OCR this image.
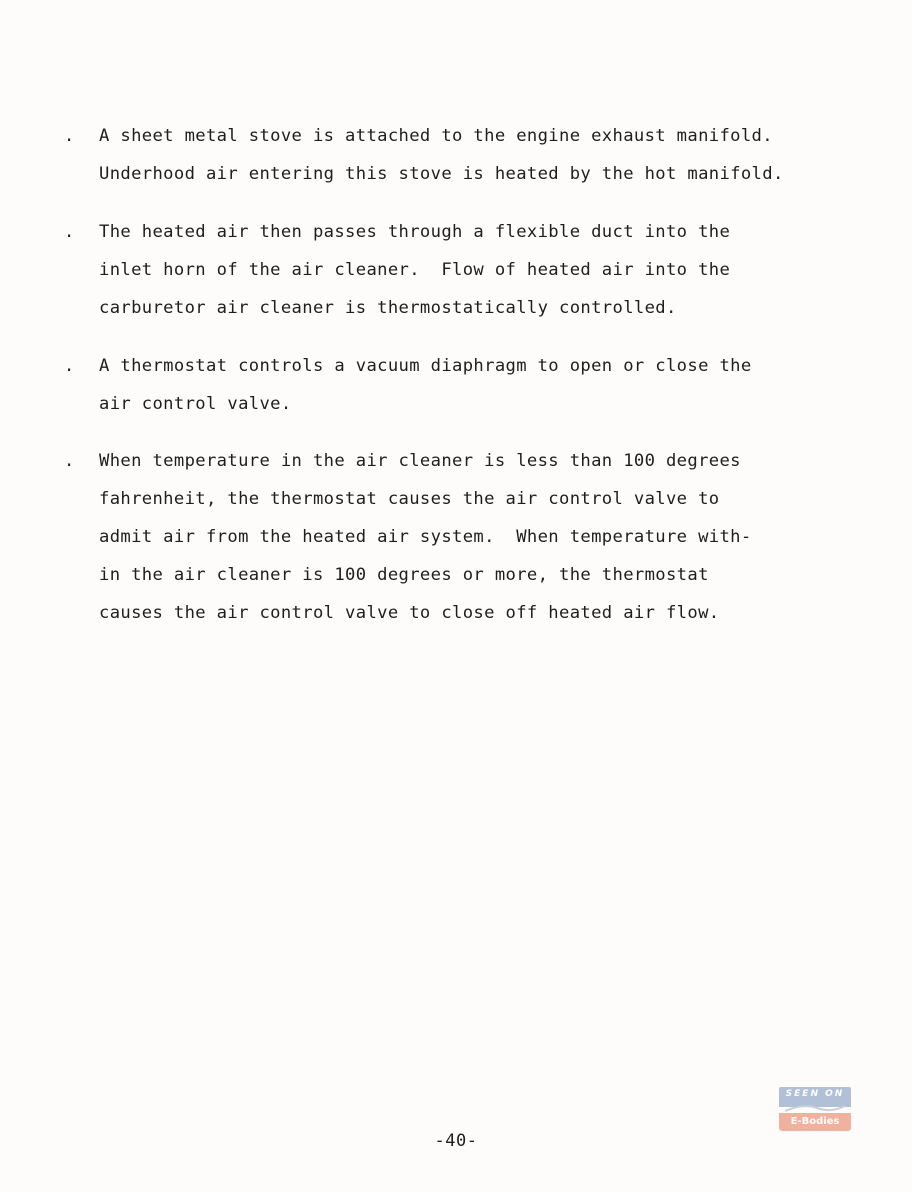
.	A sheet metal stove is attached to the engine exhaust manifold.
Underhood air entering this stove is heated by the hot manifold.
.	The heated air then passes through a flexible duct into the
inlet horn of the air cleaner.  Flow of heated air into the
carburetor air cleaner is thermostatically controlled.
.	A thermostat controls a vacuum diaphragm to open or close the
air control valve.
.	When temperature in the air cleaner is less than 100 degrees
fahrenheit, the thermostat causes the air control valve to
admit air from the heated air system.  When temperature with-
in the air cleaner is 100 degrees or more, the thermostat
causes the air control valve to close off heated air flow.
-40-
SEEN ON
E-Bodies
